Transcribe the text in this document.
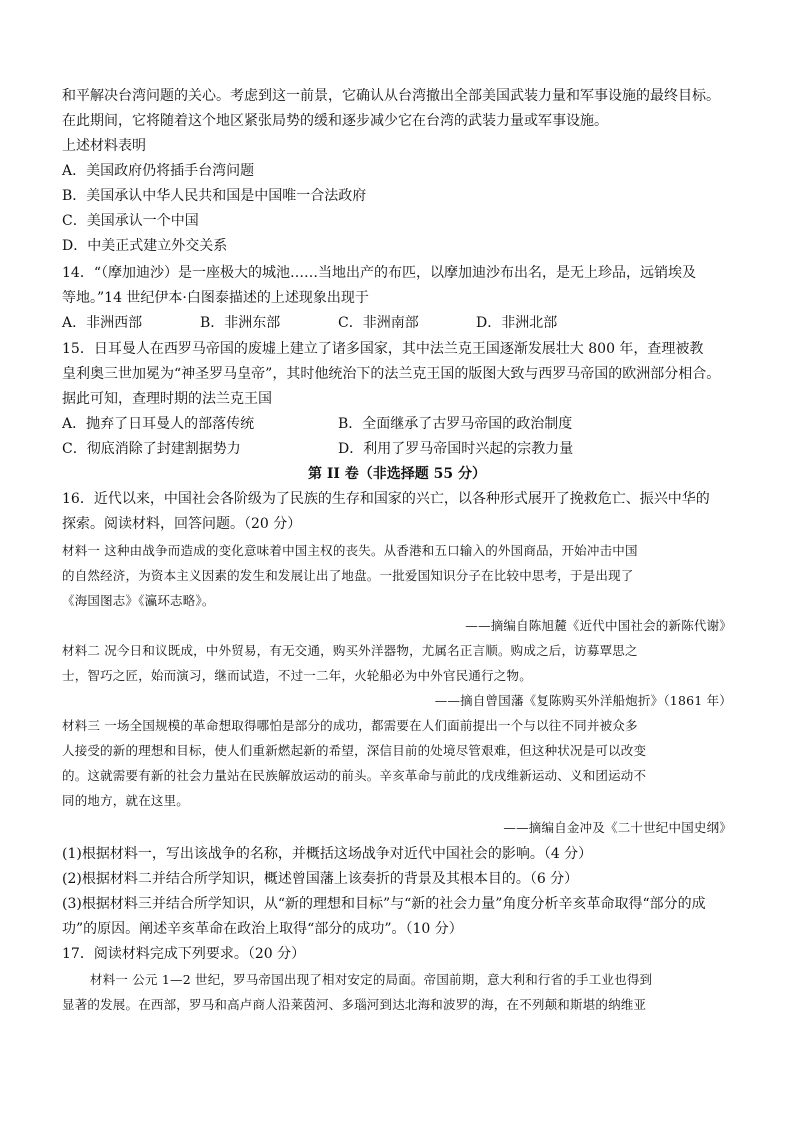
和平解决台湾问题的关心。考虑到这一前景，它确认从台湾撤出全部美国武装力量和军事设施的最终目标。
在此期间，它将随着这个地区紧张局势的缓和逐步减少它在台湾的武装力量或军事设施。
上述材料表明
A．美国政府仍将插手台湾问题
B．美国承认中华人民共和国是中国唯一合法政府
C．美国承认一个中国
D．中美正式建立外交关系
14．“（摩加迪沙）是一座极大的城池……当地出产的布匹，以摩加迪沙布出名，是无上珍品，远销埃及
等地。”14 世纪伊本·白图泰描述的上述现象出现于
A．非洲西部	B．非洲东部	C．非洲南部	D．非洲北部
15．日耳曼人在西罗马帝国的废墟上建立了诸多国家，其中法兰克王国逐渐发展壮大 800 年，查理被教
皇利奥三世加冕为“神圣罗马皇帝”，其时他统治下的法兰克王国的版图大致与西罗马帝国的欧洲部分相合。
据此可知，查理时期的法兰克王国
A．抛弃了日耳曼人的部落传统	B．全面继承了古罗马帝国的政治制度
C．彻底消除了封建割据势力	D．利用了罗马帝国时兴起的宗教力量
第 II 卷（非选择题 55 分）
16．近代以来，中国社会各阶级为了民族的生存和国家的兴亡，以各种形式展开了挽救危亡、振兴中华的
探索。阅读材料，回答问题。（20 分）
材料一 这种由战争而造成的变化意味着中国主权的丧失。从香港和五口输入的外国商品，开始冲击中国
的自然经济，为资本主义因素的发生和发展让出了地盘。一批爱国知识分子在比较中思考，于是出现了
《海国图志》《瀛环志略》。
——摘编自陈旭麓《近代中国社会的新陈代谢》
材料二 况今日和议既成，中外贸易，有无交通，购买外洋器物，尤属名正言顺。购成之后，访募覃思之
士，智巧之匠，始而演习，继而试造，不过一二年，火轮船必为中外官民通行之物。
——摘自曾国藩《复陈购买外洋船炮折》（1861 年）
材料三 一场全国规模的革命想取得哪怕是部分的成功，都需要在人们面前提出一个与以往不同并被众多
人接受的新的理想和目标，使人们重新燃起新的希望，深信目前的处境尽管艰难，但这种状况是可以改变
的。这就需要有新的社会力量站在民族解放运动的前头。辛亥革命与前此的戊戌维新运动、义和团运动不
同的地方，就在这里。
——摘编自金冲及《二十世纪中国史纲》
(1)根据材料一，写出该战争的名称，并概括这场战争对近代中国社会的影响。（4 分）
(2)根据材料二并结合所学知识，概述曾国藩上该奏折的背景及其根本目的。（6 分）
(3)根据材料三并结合所学知识，从“新的理想和目标”与“新的社会力量”角度分析辛亥革命取得“部分的成
功”的原因。阐述辛亥革命在政治上取得“部分的成功”。（10 分）
17．阅读材料完成下列要求。（20 分）
材料一 公元 1—2 世纪，罗马帝国出现了相对安定的局面。帝国前期，意大利和行省的手工业也得到
显著的发展。在西部，罗马和高卢商人沿莱茵河、多瑙河到达北海和波罗的海，在不列颠和斯堪的纳维亚
